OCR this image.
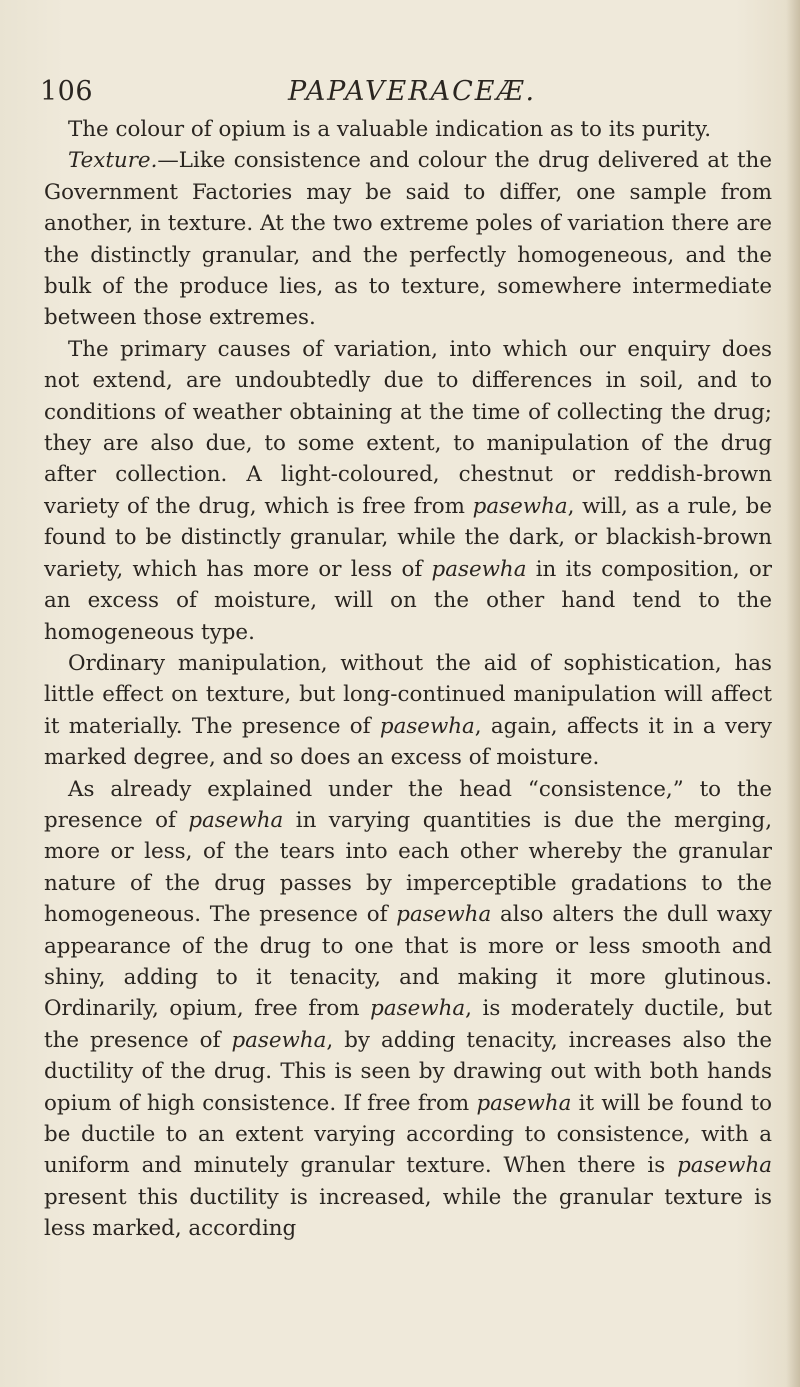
106	PAPAVERACEÆ.

The colour of opium is a valuable indication as to its purity.

Texture.—Like consistence and colour the drug delivered at the Government Factories may be said to differ, one sample from another, in texture. At the two extreme poles of variation there are the distinctly granular, and the perfectly homogeneous, and the bulk of the produce lies, as to texture, somewhere intermediate between those extremes.

The primary causes of variation, into which our enquiry does not extend, are undoubtedly due to differences in soil, and to conditions of weather obtaining at the time of collecting the drug; they are also due, to some extent, to manipulation of the drug after collection. A light-coloured, chestnut or reddish-brown variety of the drug, which is free from pasewha, will, as a rule, be found to be distinctly granular, while the dark, or blackish-brown variety, which has more or less of pasewha in its composition, or an excess of moisture, will on the other hand tend to the homogeneous type.

Ordinary manipulation, without the aid of sophistication, has little effect on texture, but long-continued manipulation will affect it materially. The presence of pasewha, again, affects it in a very marked degree, and so does an excess of moisture.

As already explained under the head “consistence,” to the presence of pasewha in varying quantities is due the merging, more or less, of the tears into each other whereby the granular nature of the drug passes by imperceptible gradations to the homogeneous. The presence of pasewha also alters the dull waxy appearance of the drug to one that is more or less smooth and shiny, adding to it tenacity, and making it more glutinous. Ordinarily, opium, free from pasewha, is moderately ductile, but the presence of pasewha, by adding tenacity, increases also the ductility of the drug. This is seen by drawing out with both hands opium of high consistence. If free from pasewha it will be found to be ductile to an extent varying according to consistence, with a uniform and minutely granular texture. When there is pasewha present this ductility is increased, while the granular texture is less marked, according
